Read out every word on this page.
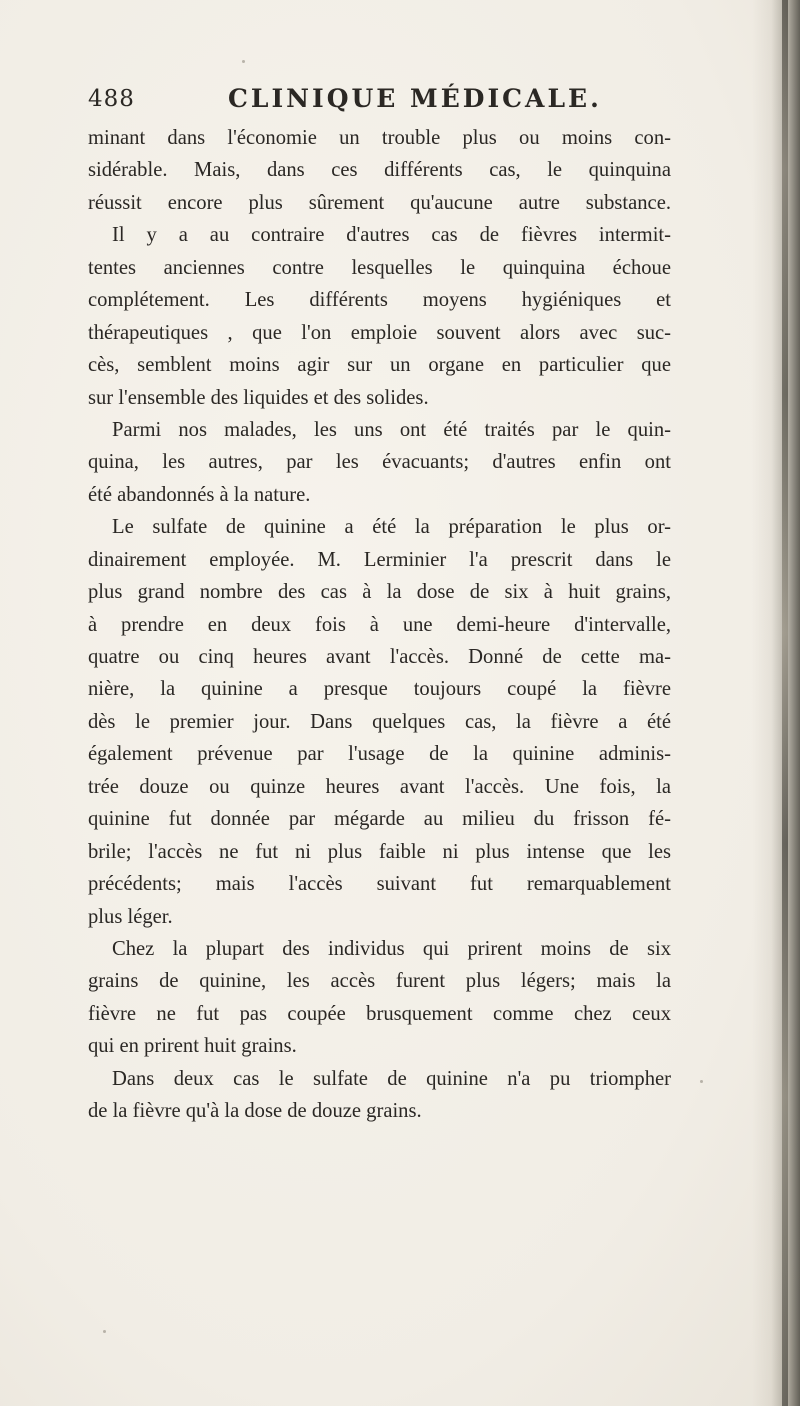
488	CLINIQUE MÉDICALE.
minant dans l'économie un trouble plus ou moins con-
sidérable. Mais, dans ces différents cas, le quinquina
réussit encore plus sûrement qu'aucune autre substance.
Il y a au contraire d'autres cas de fièvres intermit-
tentes anciennes contre lesquelles le quinquina échoue
complétement. Les différents moyens hygiéniques et
thérapeutiques , que l'on emploie souvent alors avec suc-
cès, semblent moins agir sur un organe en particulier que
sur l'ensemble des liquides et des solides.
Parmi nos malades, les uns ont été traités par le quin-
quina, les autres, par les évacuants; d'autres enfin ont
été abandonnés à la nature.
Le sulfate de quinine a été la préparation le plus or-
dinairement employée. M. Lerminier l'a prescrit dans le
plus grand nombre des cas à la dose de six à huit grains,
à prendre en deux fois à une demi-heure d'intervalle,
quatre ou cinq heures avant l'accès. Donné de cette ma-
nière, la quinine a presque toujours coupé la fièvre
dès le premier jour. Dans quelques cas, la fièvre a été
également prévenue par l'usage de la quinine adminis-
trée douze ou quinze heures avant l'accès. Une fois, la
quinine fut donnée par mégarde au milieu du frisson fé-
brile; l'accès ne fut ni plus faible ni plus intense que les
précédents; mais l'accès suivant fut remarquablement
plus léger.
Chez la plupart des individus qui prirent moins de six
grains de quinine, les accès furent plus légers; mais la
fièvre ne fut pas coupée brusquement comme chez ceux
qui en prirent huit grains.
Dans deux cas le sulfate de quinine n'a pu triompher
de la fièvre qu'à la dose de douze grains.
